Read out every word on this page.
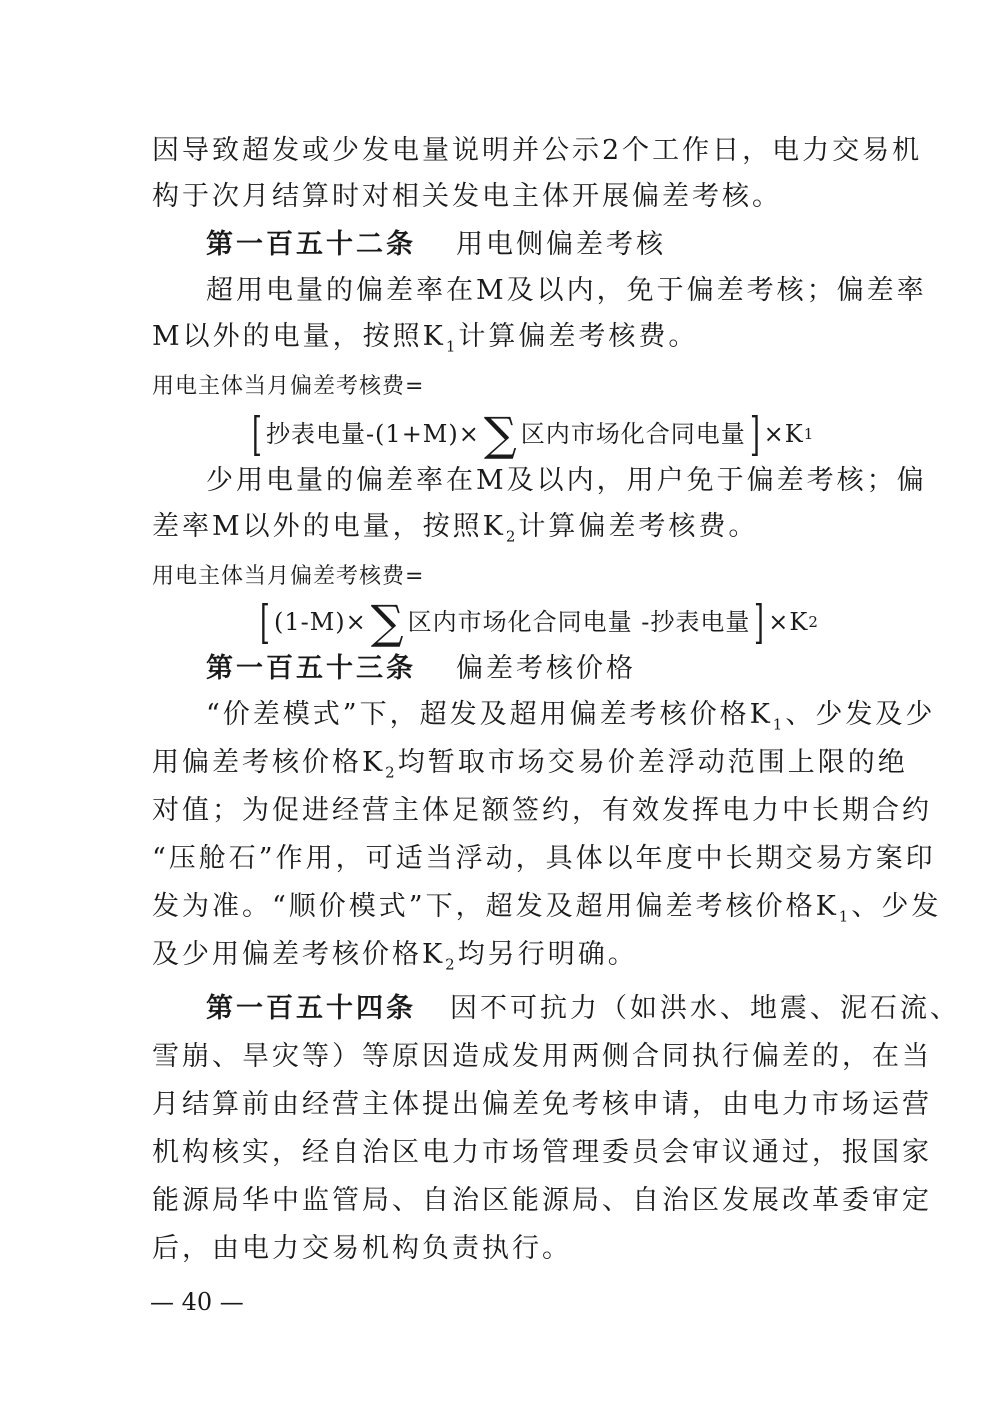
因导致超发或少发电量说明并公示2个工作日，电力交易机
构于次月结算时对相关发电主体开展偏差考核。
第一百五十二条 用电侧偏差考核
超用电量的偏差率在M及以内，免于偏差考核；偏差率
M以外的电量，按照$K_1$计算偏差考核费。
用电主体当月偏差考核费=
[ 抄表电量-(1+M)× ∑ 区内市场化合同电量 ] ×K 1
少用电量的偏差率在M及以内，用户免于偏差考核；偏
差率M以外的电量，按照$K_2$计算偏差考核费。
用电主体当月偏差考核费=
[ (1-M)× ∑ 区内市场化合同电量 -抄表电量 ] ×K 2
第一百五十三条 偏差考核价格
“价差模式”下，超发及超用偏差考核价格$K_1$、少发及少
用偏差考核价格$K_2$均暂取市场交易价差浮动范围上限的绝
对值；为促进经营主体足额签约，有效发挥电力中长期合约
“压舱石”作用，可适当浮动，具体以年度中长期交易方案印
发为准。“顺价模式”下，超发及超用偏差考核价格$K_1$、少发
及少用偏差考核价格$K_2$均另行明确。
第一百五十四条 因不可抗力（如洪水、地震、泥石流、
雪崩、旱灾等）等原因造成发用两侧合同执行偏差的，在当
月结算前由经营主体提出偏差免考核申请，由电力市场运营
机构核实，经自治区电力市场管理委员会审议通过，报国家
能源局华中监管局、自治区能源局、自治区发展改革委审定
后，由电力交易机构负责执行。
— 40 —
